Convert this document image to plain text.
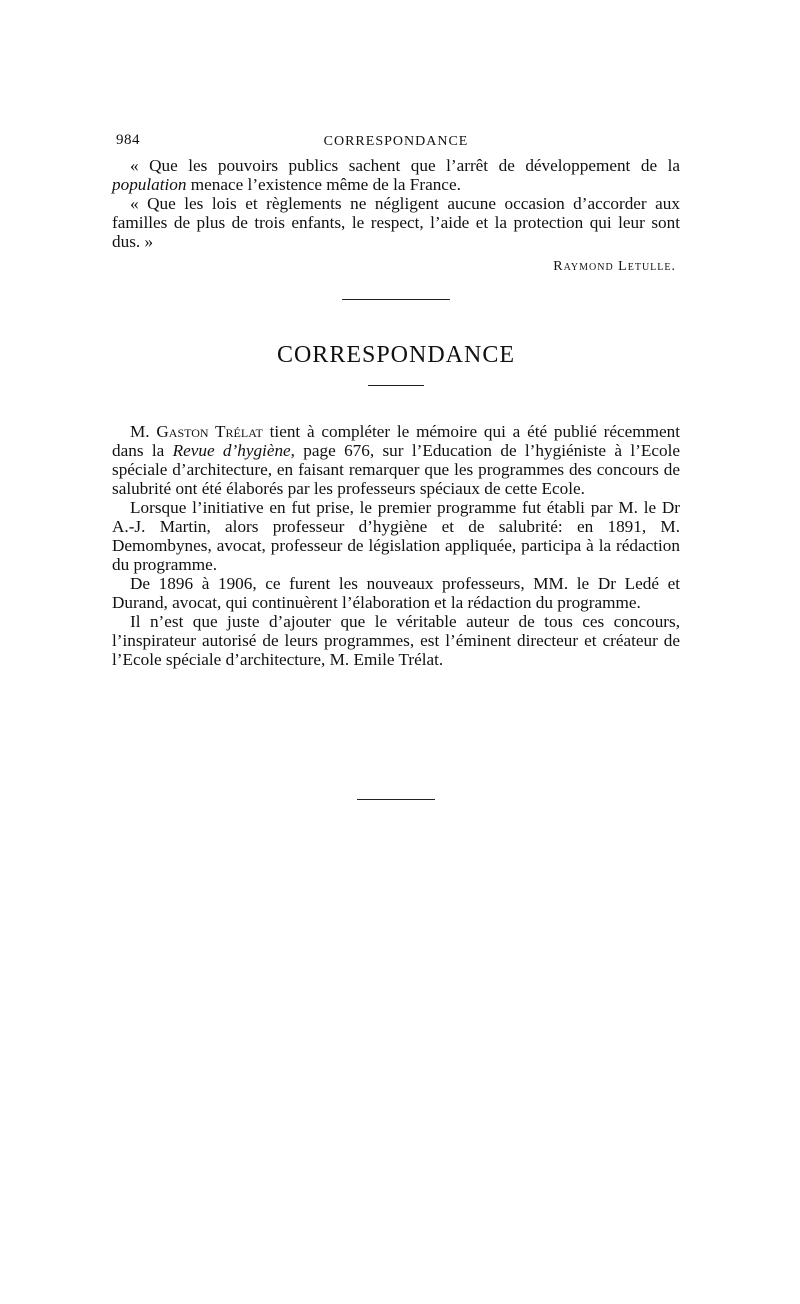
984	CORRESPONDANCE

« Que les pouvoirs publics sachent que l’arrêt de développement de la population menace l’existence même de la France.

« Que les lois et règlements ne négligent aucune occasion d’accorder aux familles de plus de trois enfants, le respect, l’aide et la protection qui leur sont dus. »

Raymond Letulle.
CORRESPONDANCE

M. Gaston Trélat tient à compléter le mémoire qui a été publié récemment dans la Revue d’hygiène, page 676, sur l’Education de l’hygiéniste à l’Ecole spéciale d’architecture, en faisant remarquer que les programmes des concours de salubrité ont été élaborés par les professeurs spéciaux de cette Ecole.

Lorsque l’initiative en fut prise, le premier programme fut établi par M. le Dr A.-J. Martin, alors professeur d’hygiène et de salubrité: en 1891, M. Demombynes, avocat, professeur de législation appliquée, participa à la rédaction du programme.

De 1896 à 1906, ce furent les nouveaux professeurs, MM. le Dr Ledé et Durand, avocat, qui continuèrent l’élaboration et la rédaction du programme.

Il n’est que juste d’ajouter que le véritable auteur de tous ces concours, l’inspirateur autorisé de leurs programmes, est l’éminent directeur et créateur de l’Ecole spéciale d’architecture, M. Emile Trélat.
